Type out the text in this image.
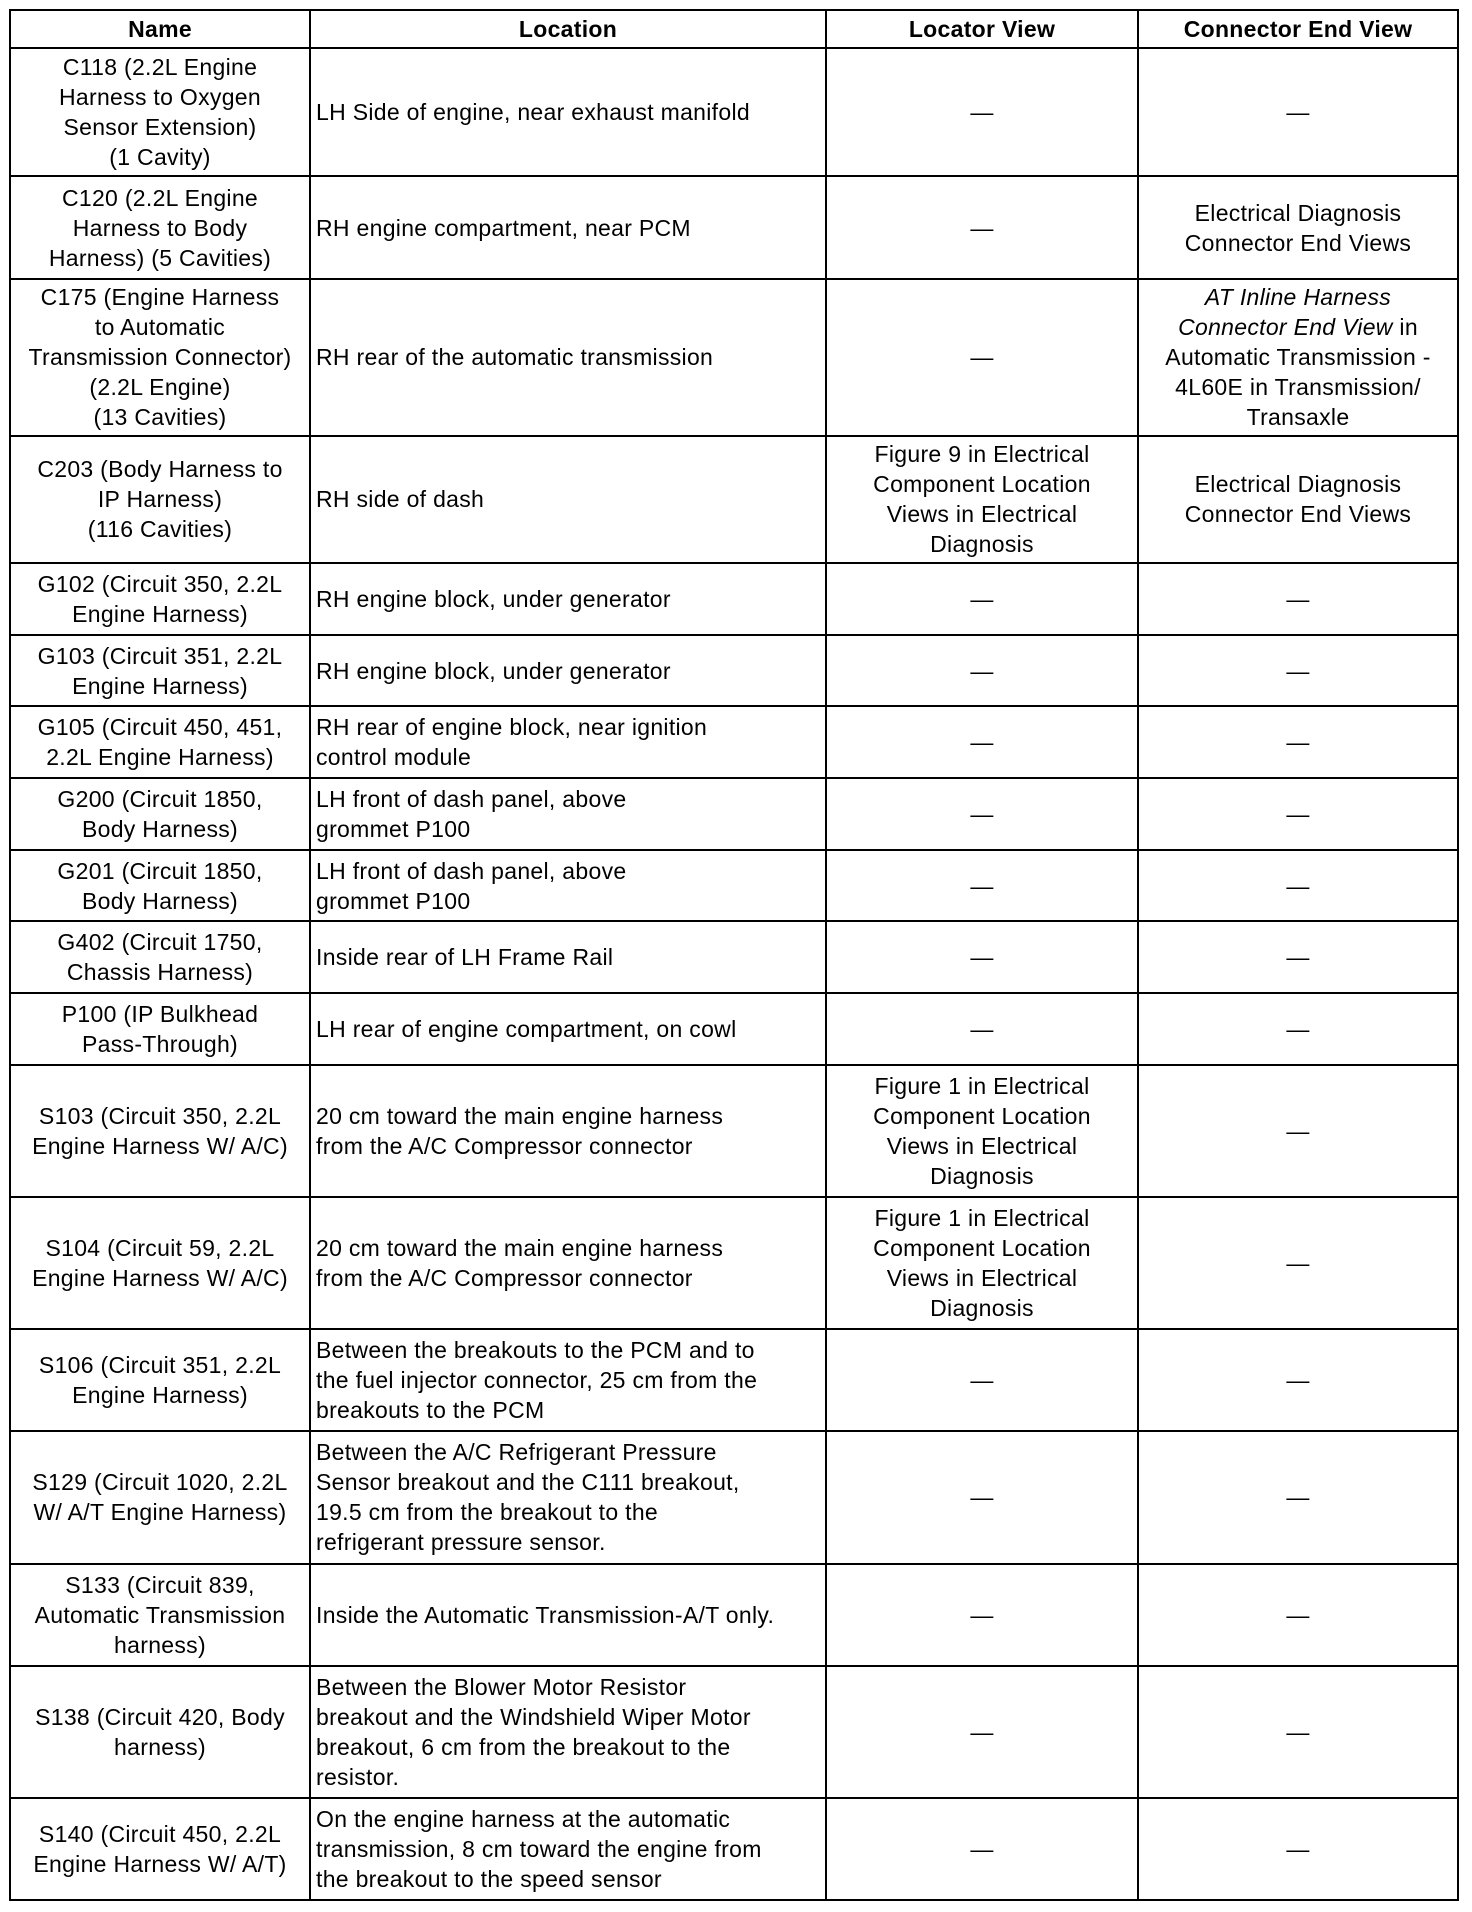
Name	Location	Locator View	Connector End View
C118 (2.2L Engine
Harness to Oxygen
Sensor Extension)
(1 Cavity)	LH Side of engine, near exhaust manifold	—	—
C120 (2.2L Engine
Harness to Body
Harness) (5 Cavities)	RH engine compartment, near PCM	—	Electrical Diagnosis
Connector End Views
C175 (Engine Harness
to Automatic
Transmission Connector)
(2.2L Engine)
(13 Cavities)	RH rear of the automatic transmission	—	AT Inline Harness
Connector End View in
Automatic Transmission -
4L60E in Transmission/
Transaxle
C203 (Body Harness to
IP Harness)
(116 Cavities)	RH side of dash	Figure 9 in Electrical
Component Location
Views in Electrical
Diagnosis	Electrical Diagnosis
Connector End Views
G102 (Circuit 350, 2.2L
Engine Harness)	RH engine block, under generator	—	—
G103 (Circuit 351, 2.2L
Engine Harness)	RH engine block, under generator	—	—
G105 (Circuit 450, 451,
2.2L Engine Harness)	RH rear of engine block, near ignition
control module	—	—
G200 (Circuit 1850,
Body Harness)	LH front of dash panel, above
grommet P100	—	—
G201 (Circuit 1850,
Body Harness)	LH front of dash panel, above
grommet P100	—	—
G402 (Circuit 1750,
Chassis Harness)	Inside rear of LH Frame Rail	—	—
P100 (IP Bulkhead
Pass-Through)	LH rear of engine compartment, on cowl	—	—
S103 (Circuit 350, 2.2L
Engine Harness W/ A/C)	20 cm toward the main engine harness
from the A/C Compressor connector	Figure 1 in Electrical
Component Location
Views in Electrical
Diagnosis	—
S104 (Circuit 59, 2.2L
Engine Harness W/ A/C)	20 cm toward the main engine harness
from the A/C Compressor connector	Figure 1 in Electrical
Component Location
Views in Electrical
Diagnosis	—
S106 (Circuit 351, 2.2L
Engine Harness)	Between the breakouts to the PCM and to
the fuel injector connector, 25 cm from the
breakouts to the PCM	—	—
S129 (Circuit 1020, 2.2L
W/ A/T Engine Harness)	Between the A/C Refrigerant Pressure
Sensor breakout and the C111 breakout,
19.5 cm from the breakout to the
refrigerant pressure sensor.	—	—
S133 (Circuit 839,
Automatic Transmission
harness)	Inside the Automatic Transmission-A/T only.	—	—
S138 (Circuit 420, Body
harness)	Between the Blower Motor Resistor
breakout and the Windshield Wiper Motor
breakout, 6 cm from the breakout to the
resistor.	—	—
S140 (Circuit 450, 2.2L
Engine Harness W/ A/T)	On the engine harness at the automatic
transmission, 8 cm toward the engine from
the breakout to the speed sensor	—	—
